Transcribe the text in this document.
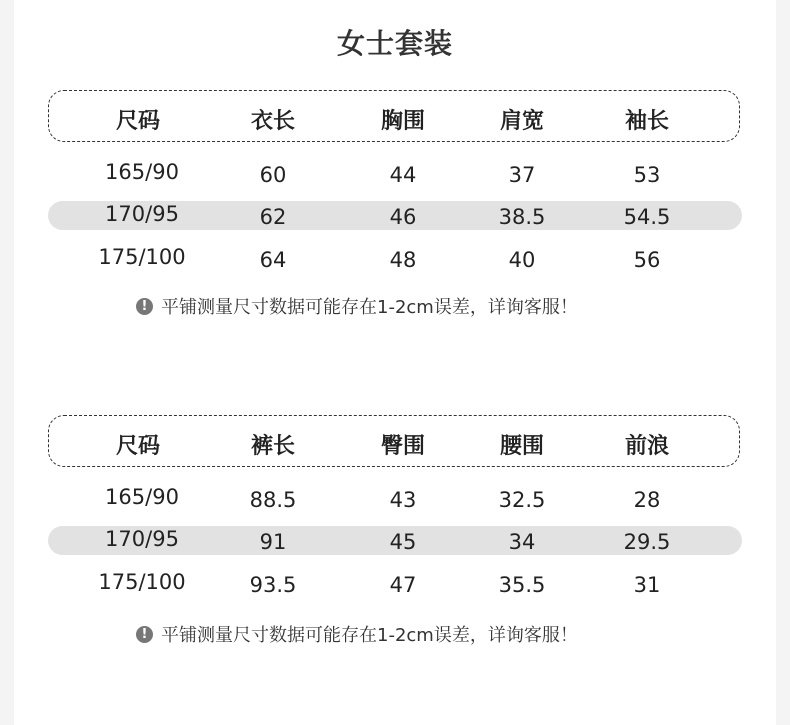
女士套装
尺码	衣长	胸围	肩宽	袖长
165/90	60	44	37	53
170/95	62	46	38.5	54.5
175/100	64	48	40	56
! 平铺测量尺寸数据可能存在1-2cm误差，详询客服！
尺码	裤长	臀围	腰围	前浪
165/90	88.5	43	32.5	28
170/95	91	45	34	29.5
175/100	93.5	47	35.5	31
! 平铺测量尺寸数据可能存在1-2cm误差，详询客服！
